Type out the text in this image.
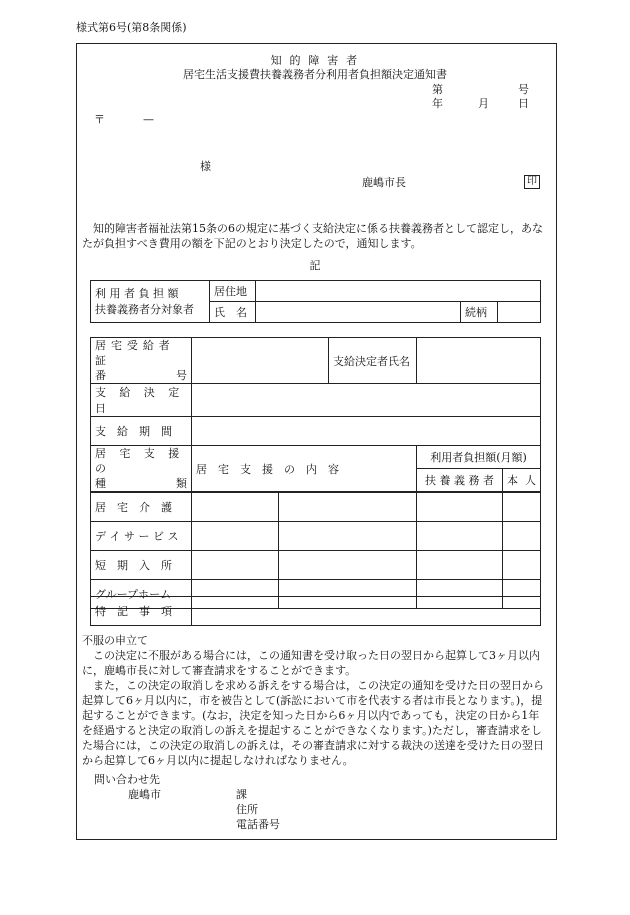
様式第6号(第8条関係)
知 的 障 害 者
居宅生活支援費扶養義務者分利用者負担額決定通知書
第	号
年	月	日
〒	—
様
鹿嶋市長	印
知的障害者福祉法第15条の6の規定に基づく支給決定に係る扶養義務者として認定し，あなたが負担すべき費用の額を下記のとおり決定したので，通知します。
記
利 用 者 負 担 額
扶養義務者分対象者	居住地			
	氏　名		続柄	
居宅受給者証
番 号			支給決定者氏名		
支 給 決 定 日					
支　給　期　間					

居 宅 支 援 の
種 類	居　宅　支　援　の　内　容			利用者負担額(月額)	
				扶 養 義 務 者	本 人

居　宅　介　護					
デ イ サ ー ビ ス					
短　期　入　所					
グループホーム					
特　記　事　項	

不服の申立て

この決定に不服がある場合には，この通知書を受け取った日の翌日から起算して3ヶ月以内に，鹿嶋市長に対して審査請求をすることができます。

また，この決定の取消しを求める訴えをする場合は，この決定の通知を受けた日の翌日から起算して6ヶ月以内に，市を被告として(訴訟において市を代表する者は市長となります。)，提起することができます。(なお，決定を知った日から6ヶ月以内であっても，決定の日から1年を経過すると決定の取消しの訴えを提起することができなくなります。)ただし，審査請求をした場合には，この決定の取消しの訴えは，その審査請求に対する裁決の送達を受けた日の翌日から起算して6ヶ月以内に提起しなければなりません。

問い合わせ先
鹿嶋市	課
住所
電話番号
